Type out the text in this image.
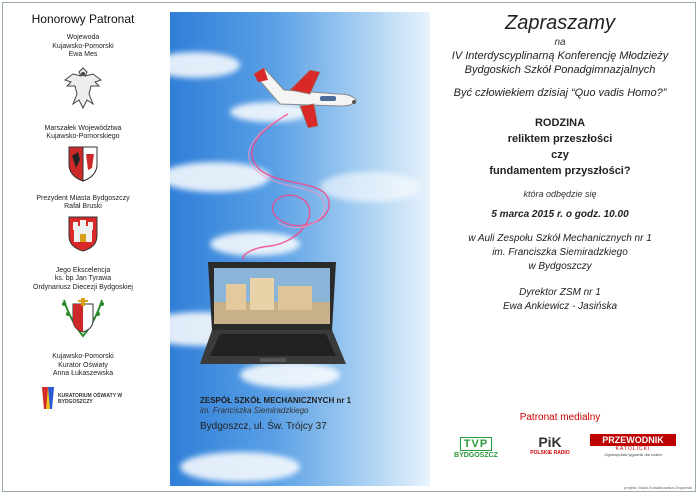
Honorowy Patronat
Wojewoda
Kujawsko-Pomorski
Ewa Mes
Marszałek Województwa
Kujawsko-Pomorskiego
Prezydent Miasta Bydgoszczy
Rafał Bruski
Jego Ekscelencja
ks. bp Jan Tyrawa
Ordynariusz Diecezji Bydgoskiej
Kujawsko-Pomorski
Kurator Oświaty
Anna Łukaszewska
KURATORIUM OŚWIATY W BYDGOSZCZY	ZESPÓŁ SZKÓŁ MECHANICZNYCH nr 1
im. Franciszka Siemiradzkiego
Bydgoszcz, ul. Św. Trójcy 37
Zapraszamy
na
IV Interdyscyplinarną Konferencję Młodzieży
Bydgoskich Szkół Ponadgimnazjalnych
Być człowiekiem dzisiaj “Quo vadis Homo?”
RODZINA
reliktem przeszłości
czy
fundamentem przyszłości?
która odbędzie się
5 marca 2015 r. o godz. 10.00
w Auli Zespołu Szkół Mechanicznych nr 1
im. Franciszka Siemiradzkiego
w Bydgoszczy
Dyrektor ZSM nr 1
Ewa Ankiewicz - Jasińska
Patronat medialny
TVP
BYDGOSZCZ
PiK
POLSKIE RADIO
PRZEWODNIK
KATOLICKI
Ogólnopolski tygodnik dla rodzin
projekt: Maria Kowalkowska-Ongoński
